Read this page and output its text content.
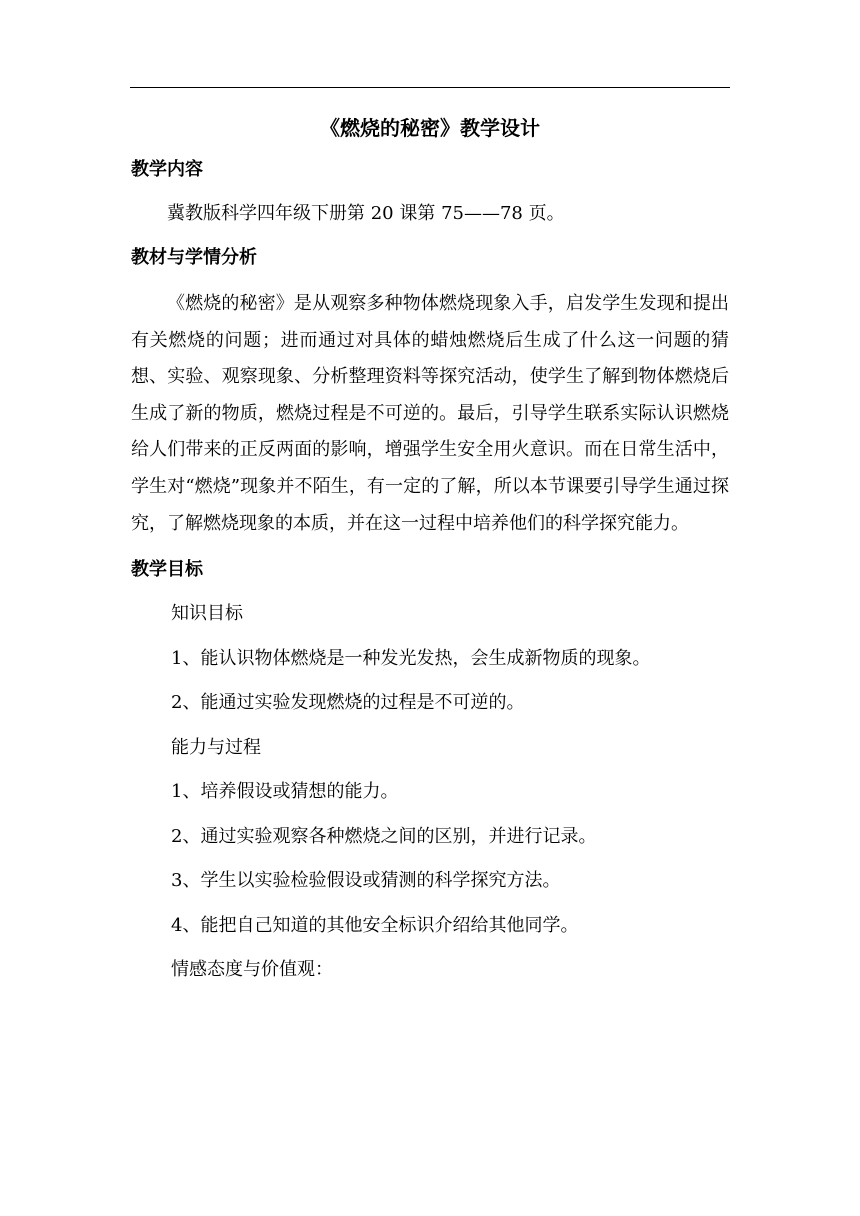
《燃烧的秘密》教学设计
教学内容

冀教版科学四年级下册第 20 课第 75——78 页。

教材与学情分析

《燃烧的秘密》是从观察多种物体燃烧现象入手，启发学生发现和提出有关燃烧的问题；进而通过对具体的蜡烛燃烧后生成了什么这一问题的猜想、实验、观察现象、分析整理资料等探究活动，使学生了解到物体燃烧后生成了新的物质，燃烧过程是不可逆的。最后，引导学生联系实际认识燃烧给人们带来的正反两面的影响，增强学生安全用火意识。而在日常生活中，学生对“燃烧”现象并不陌生，有一定的了解，所以本节课要引导学生通过探究，了解燃烧现象的本质，并在这一过程中培养他们的科学探究能力。

教学目标

知识目标

1、能认识物体燃烧是一种发光发热，会生成新物质的现象。

2、能通过实验发现燃烧的过程是不可逆的。

能力与过程

1、培养假设或猜想的能力。

2、通过实验观察各种燃烧之间的区别，并进行记录。

3、学生以实验检验假设或猜测的科学探究方法。

4、能把自己知道的其他安全标识介绍给其他同学。

情感态度与价值观：
